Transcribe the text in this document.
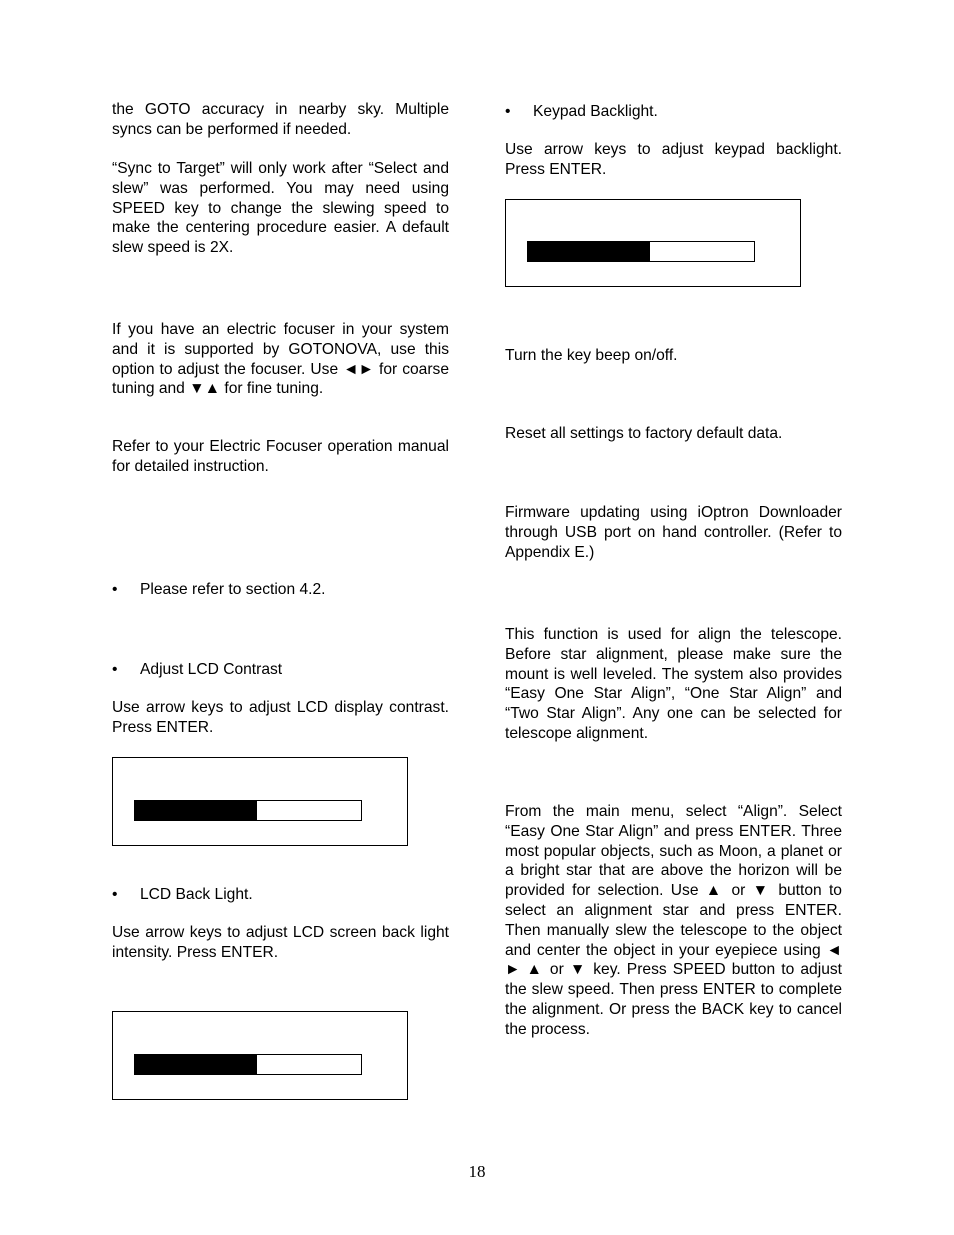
the GOTO accuracy in nearby sky. Multiple syncs can be performed if needed.

“Sync to Target” will only work after “Select and slew” was performed. You may need using SPEED key to change the slewing speed to make the centering procedure easier. A default slew speed is 2X.

If you have an electric focuser in your system and it is supported by GOTONOVA, use this option to adjust the focuser. Use ◄► for coarse tuning and ▼▲ for fine tuning.

Refer to your Electric Focuser operation manual for detailed instruction.

•	Please refer to section 4.2.
•	Adjust LCD Contrast

Use arrow keys to adjust LCD display contrast. Press ENTER.

•	LCD Back Light.

Use arrow keys to adjust LCD screen back light intensity. Press ENTER.

•	Keypad Backlight.

Use arrow keys to adjust keypad backlight. Press ENTER.

Turn the key beep on/off.

Reset all settings to factory default data.

Firmware updating using iOptron Downloader through USB port on hand controller. (Refer to Appendix E.)

This function is used for align the telescope. Before star alignment, please make sure the mount is well leveled. The system also provides “Easy One Star Align”, “One Star Align” and “Two Star Align”. Any one can be selected for telescope alignment.

From the main menu, select “Align”. Select “Easy One Star Align” and press ENTER. Three most popular objects, such as Moon, a planet or a bright star that are above the horizon will be provided for selection. Use ▲ or ▼ button to select an alignment star and press ENTER. Then manually slew the telescope to the object and center the object in your eyepiece using ◄ ► ▲ or ▼ key. Press SPEED button to adjust the slew speed. Then press ENTER to complete the alignment. Or press the BACK key to cancel the process.

18
